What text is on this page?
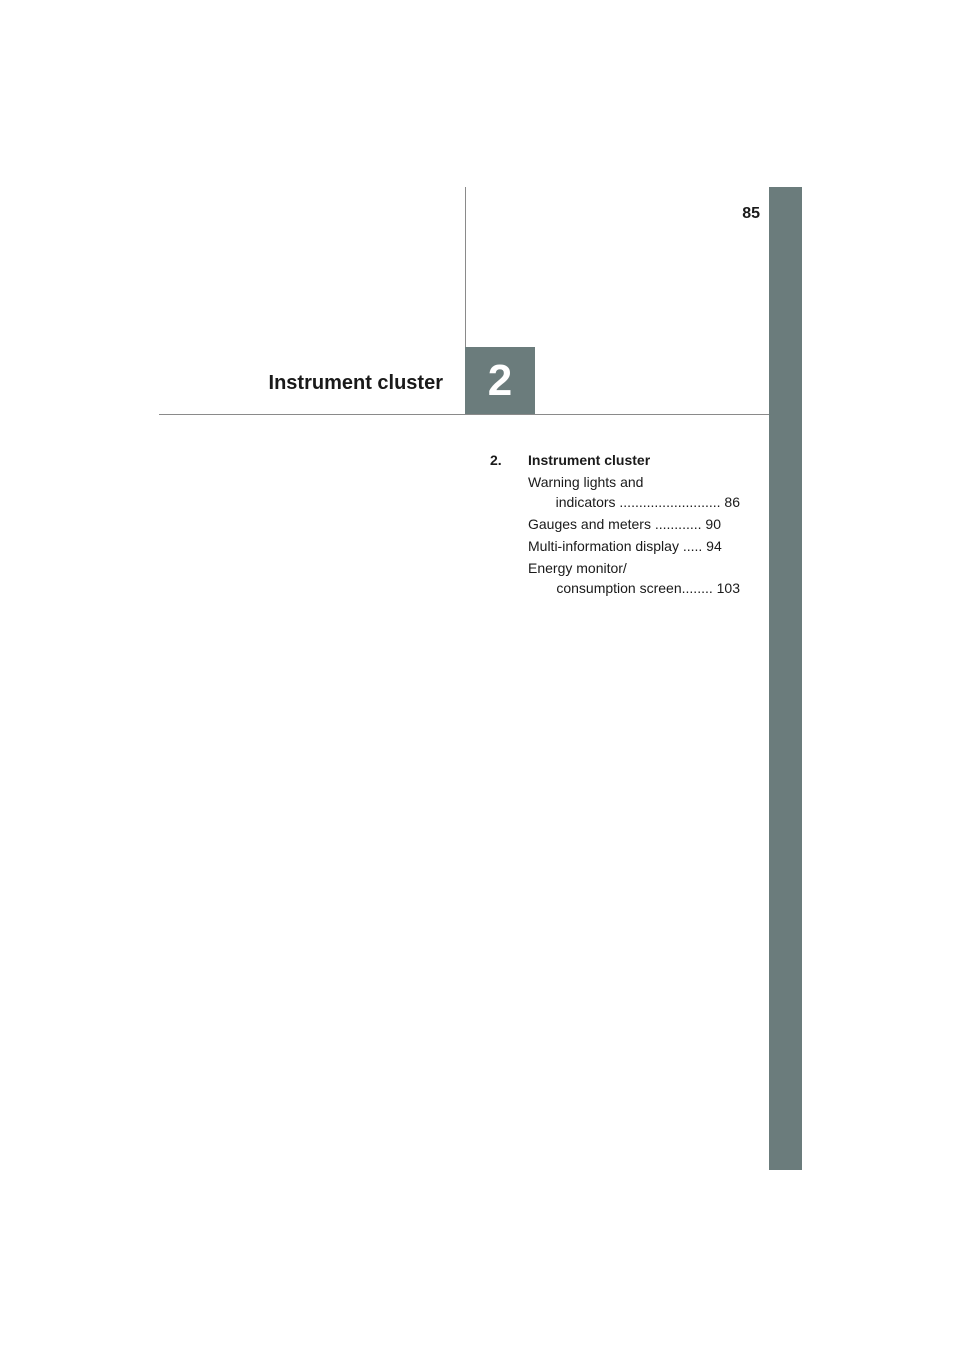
85
Instrument cluster	2
2.	Instrument cluster
Warning lights and
indicators .......................... 86
Gauges and meters ............ 90
Multi-information display ..... 94
Energy monitor/
consumption screen........ 103
